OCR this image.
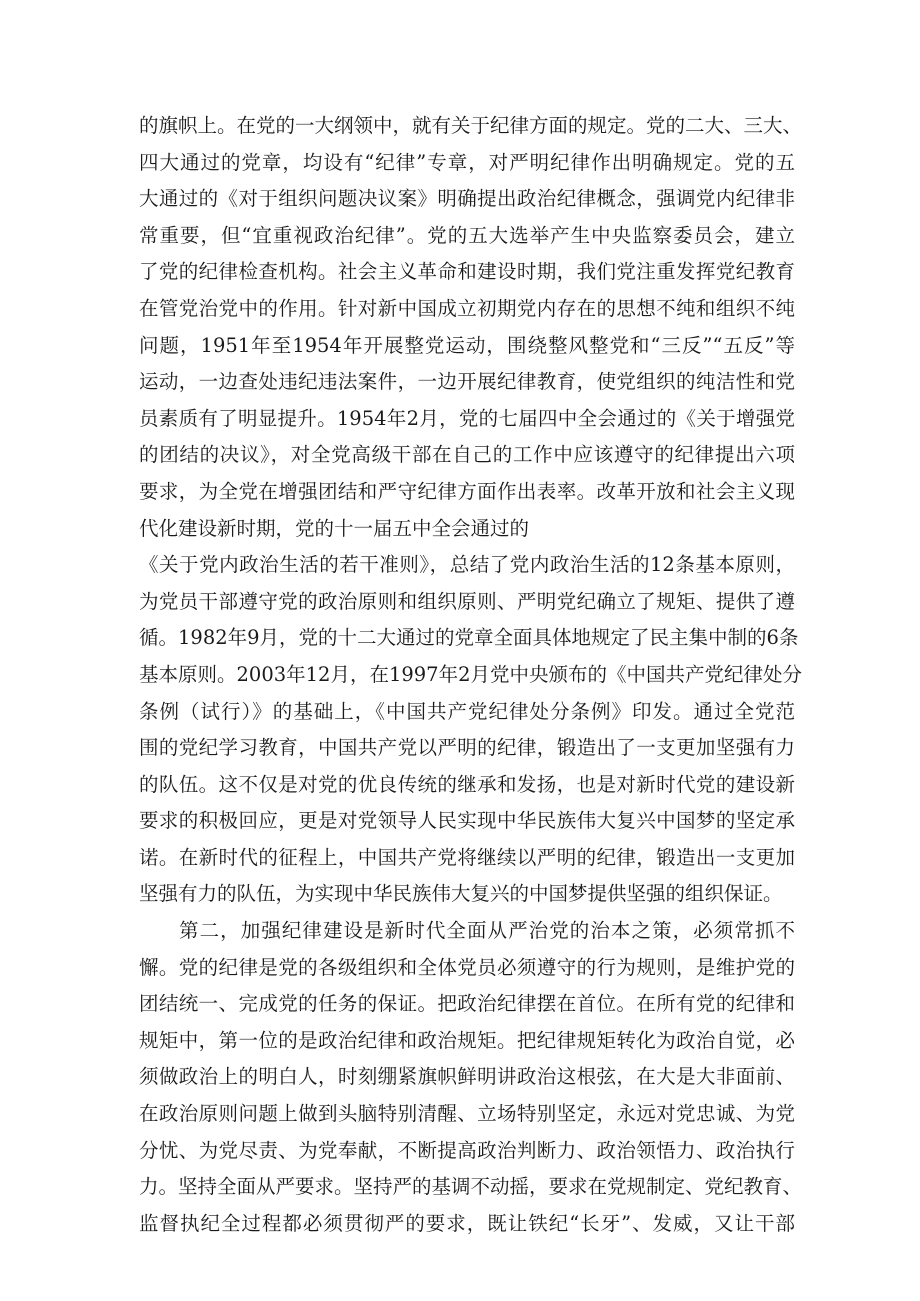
的旗帜上。在党的一大纲领中，就有关于纪律方面的规定。党的二大、三大、
四大通过的党章，均设有“纪律”专章，对严明纪律作出明确规定。党的五
大通过的《对于组织问题决议案》明确提出政治纪律概念，强调党内纪律非
常重要，但“宜重视政治纪律”。党的五大选举产生中央监察委员会，建立
了党的纪律检查机构。社会主义革命和建设时期，我们党注重发挥党纪教育
在管党治党中的作用。针对新中国成立初期党内存在的思想不纯和组织不纯
问题，1951年至1954年开展整党运动，围绕整风整党和“三反”“五反”等
运动，一边查处违纪违法案件，一边开展纪律教育，使党组织的纯洁性和党
员素质有了明显提升。1954年2月，党的七届四中全会通过的《关于增强党
的团结的决议》，对全党高级干部在自己的工作中应该遵守的纪律提出六项
要求，为全党在增强团结和严守纪律方面作出表率。改革开放和社会主义现
代化建设新时期，党的十一届五中全会通过的
《关于党内政治生活的若干准则》，总结了党内政治生活的12条基本原则，
为党员干部遵守党的政治原则和组织原则、严明党纪确立了规矩、提供了遵
循。1982年9月，党的十二大通过的党章全面具体地规定了民主集中制的6条
基本原则。2003年12月，在1997年2月党中央颁布的《中国共产党纪律处分
条例（试行）》的基础上，《中国共产党纪律处分条例》印发。通过全党范
围的党纪学习教育，中国共产党以严明的纪律，锻造出了一支更加坚强有力
的队伍。这不仅是对党的优良传统的继承和发扬，也是对新时代党的建设新
要求的积极回应，更是对党领导人民实现中华民族伟大复兴中国梦的坚定承
诺。在新时代的征程上，中国共产党将继续以严明的纪律，锻造出一支更加
坚强有力的队伍，为实现中华民族伟大复兴的中国梦提供坚强的组织保证。
第二，加强纪律建设是新时代全面从严治党的治本之策，必须常抓不
懈。党的纪律是党的各级组织和全体党员必须遵守的行为规则，是维护党的
团结统一、完成党的任务的保证。把政治纪律摆在首位。在所有党的纪律和
规矩中，第一位的是政治纪律和政治规矩。把纪律规矩转化为政治自觉，必
须做政治上的明白人，时刻绷紧旗帜鲜明讲政治这根弦，在大是大非面前、
在政治原则问题上做到头脑特别清醒、立场特别坚定，永远对党忠诚、为党
分忧、为党尽责、为党奉献，不断提高政治判断力、政治领悟力、政治执行
力。坚持全面从严要求。坚持严的基调不动摇，要求在党规制定、党纪教育、
监督执纪全过程都必须贯彻严的要求，既让铁纪“长牙”、发威，又让干部
